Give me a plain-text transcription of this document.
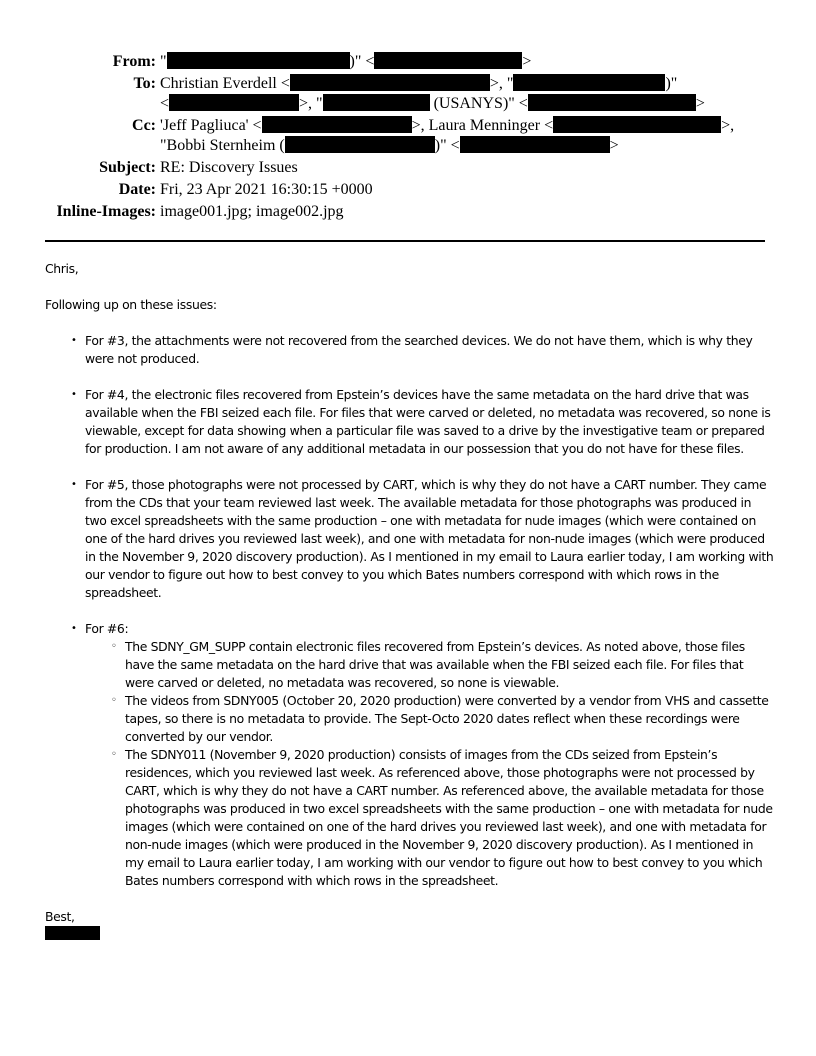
From: "	)" <	>
To: Christian Everdell <	>, "	)"
<	>, "	(USANYS)" <	>
Cc: 'Jeff Pagliuca' <	>, Laura Menninger <	>,
"Bobbi Sternheim (	)" <	>
Subject: RE: Discovery Issues
Date: Fri, 23 Apr 2021 16:30:15 +0000
Inline-Images: image001.jpg; image002.jpg

Chris,

Following up on these issues:

• For #3, the attachments were not recovered from the searched devices. We do not have them, which is why they were not produced.
• For #4, the electronic files recovered from Epstein’s devices have the same metadata on the hard drive that was available when the FBI seized each file. For files that were carved or deleted, no metadata was recovered, so none is viewable, except for data showing when a particular file was saved to a drive by the investigative team or prepared for production. I am not aware of any additional metadata in our possession that you do not have for these files.
• For #5, those photographs were not processed by CART, which is why they do not have a CART number. They came from the CDs that your team reviewed last week. The available metadata for those photographs was produced in two excel spreadsheets with the same production – one with metadata for nude images (which were contained on one of the hard drives you reviewed last week), and one with metadata for non-nude images (which were produced in the November 9, 2020 discovery production). As I mentioned in my email to Laura earlier today, I am working with our vendor to figure out how to best convey to you which Bates numbers correspond with which rows in the spreadsheet.
• For #6:
◦ The SDNY_GM_SUPP contain electronic files recovered from Epstein’s devices. As noted above, those files have the same metadata on the hard drive that was available when the FBI seized each file. For files that were carved or deleted, no metadata was recovered, so none is viewable.
◦ The videos from SDNY005 (October 20, 2020 production) were converted by a vendor from VHS and cassette tapes, so there is no metadata to provide. The Sept-Octo 2020 dates reflect when these recordings were converted by our vendor.
◦ The SDNY011 (November 9, 2020 production) consists of images from the CDs seized from Epstein’s residences, which you reviewed last week. As referenced above, those photographs were not processed by CART, which is why they do not have a CART number. As referenced above, the available metadata for those photographs was produced in two excel spreadsheets with the same production – one with metadata for nude images (which were contained on one of the hard drives you reviewed last week), and one with metadata for non-nude images (which were produced in the November 9, 2020 discovery production). As I mentioned in my email to Laura earlier today, I am working with our vendor to figure out how to best convey to you which Bates numbers correspond with which rows in the spreadsheet.
Best,
